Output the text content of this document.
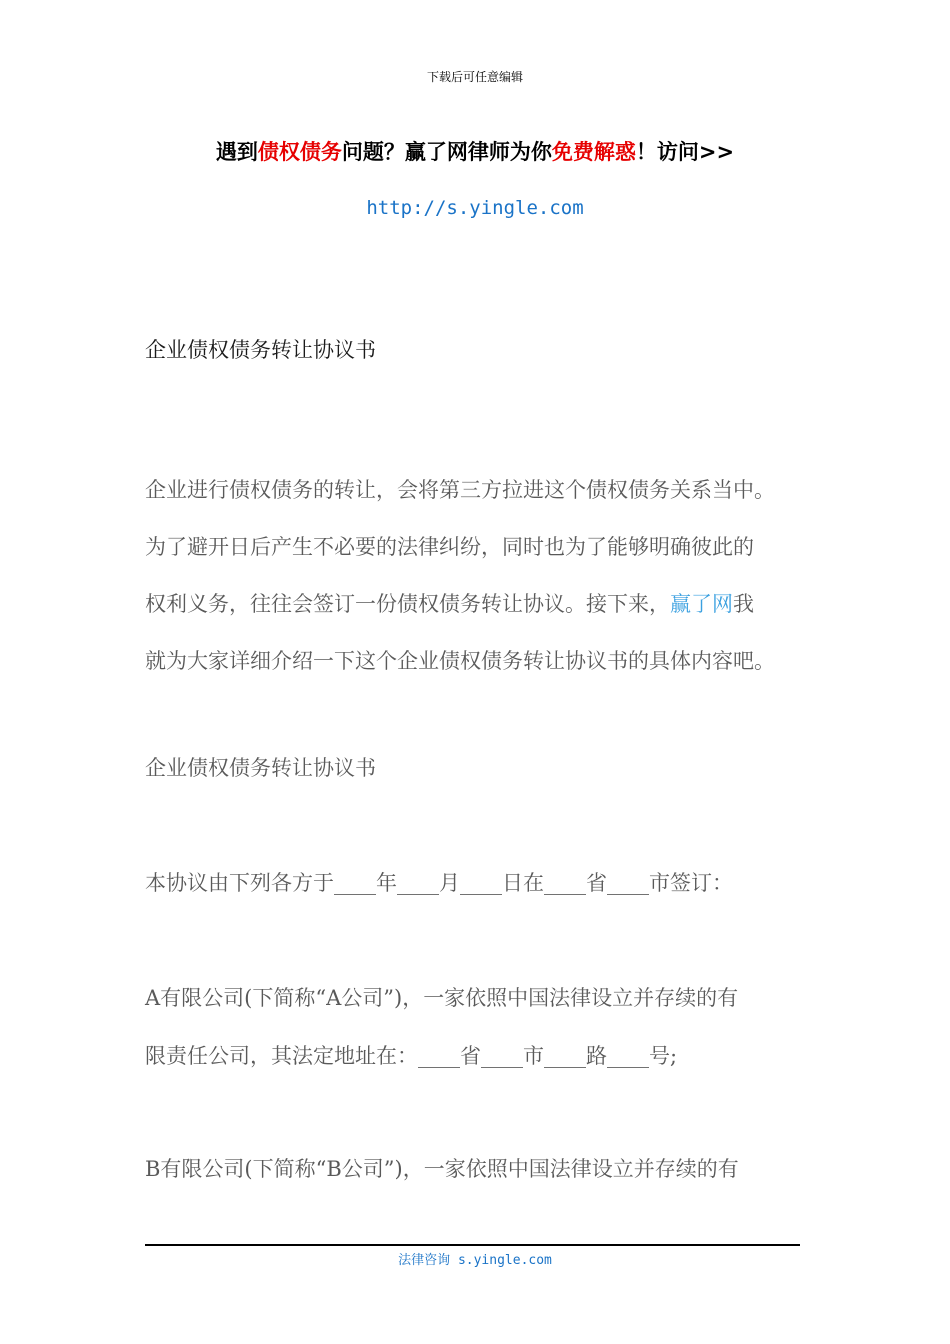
下载后可任意编辑
遇到债权债务问题？赢了网律师为你免费解惑！访问>>
http://s.yingle.com
企业债权债务转让协议书

企业进行债权债务的转让，会将第三方拉进这个债权债务关系当中。

为了避开日后产生不必要的法律纠纷，同时也为了能够明确彼此的

权利义务，往往会签订一份债权债务转让协议。接下来，赢了网我

就为大家详细介绍一下这个企业债权债务转让协议书的具体内容吧。

企业债权债务转让协议书
本协议由下列各方于____年____月____日在____省____市签订：
A有限公司(下简称“A公司”)，一家依照中国法律设立并存续的有
限责任公司，其法定地址在：____省____市____路____号;
B有限公司(下简称“B公司”)，一家依照中国法律设立并存续的有
法律咨询 s.yingle.com
